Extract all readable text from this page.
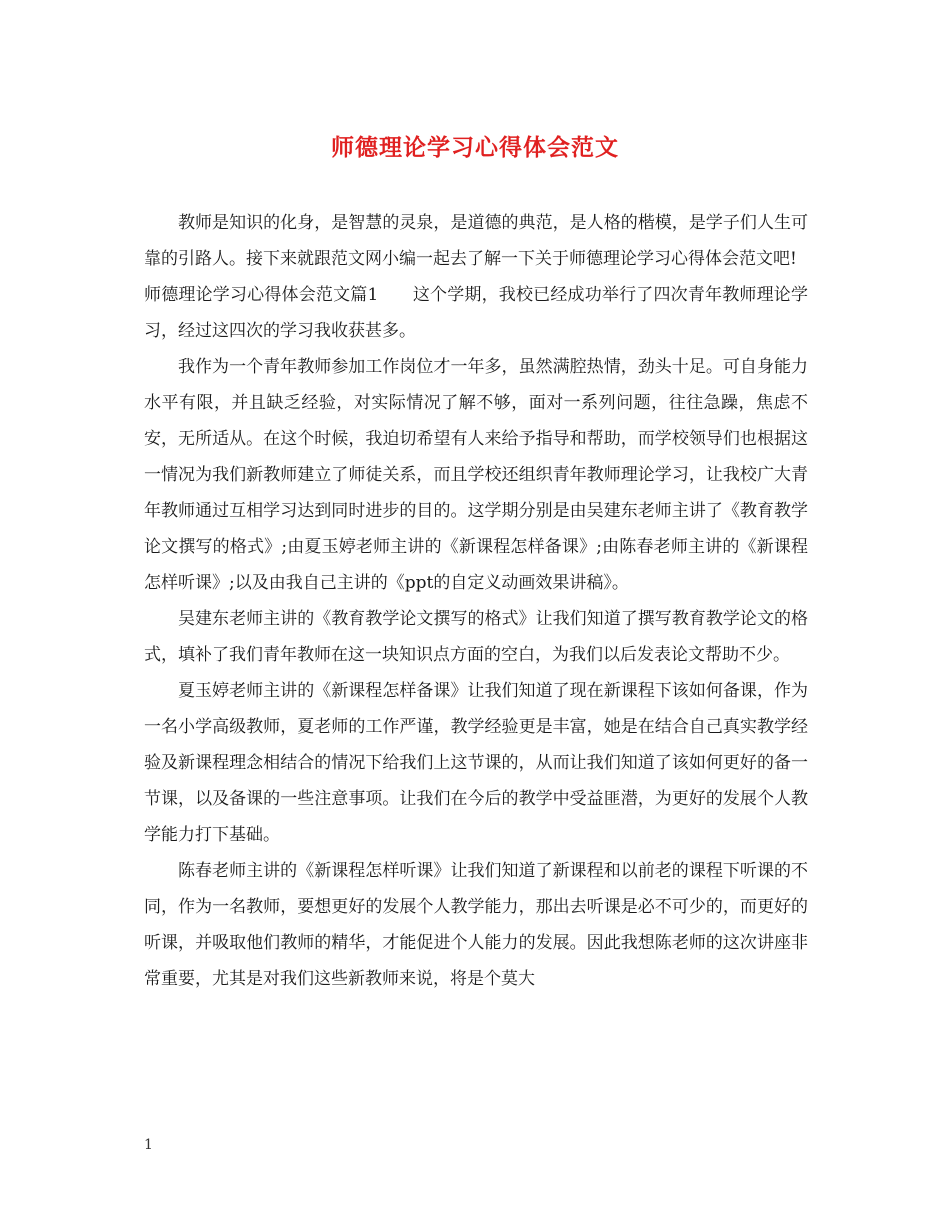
师德理论学习心得体会范文

教师是知识的化身，是智慧的灵泉，是道德的典范，是人格的楷模，是学子们人生可靠的引路人。接下来就跟范文网小编一起去了解一下关于师德理论学习心得体会范文吧!

师德理论学习心得体会范文篇1　　这个学期，我校已经成功举行了四次青年教师理论学习，经过这四次的学习我收获甚多。

我作为一个青年教师参加工作岗位才一年多，虽然满腔热情，劲头十足。可自身能力水平有限，并且缺乏经验，对实际情况了解不够，面对一系列问题，往往急躁，焦虑不安，无所适从。在这个时候，我迫切希望有人来给予指导和帮助，而学校领导们也根据这一情况为我们新教师建立了师徒关系，而且学校还组织青年教师理论学习，让我校广大青年教师通过互相学习达到同时进步的目的。这学期分别是由吴建东老师主讲了《教育教学论文撰写的格式》;由夏玉婷老师主讲的《新课程怎样备课》;由陈春老师主讲的《新课程怎样听课》;以及由我自己主讲的《ppt的自定义动画效果讲稿》。

吴建东老师主讲的《教育教学论文撰写的格式》让我们知道了撰写教育教学论文的格式，填补了我们青年教师在这一块知识点方面的空白，为我们以后发表论文帮助不少。

夏玉婷老师主讲的《新课程怎样备课》让我们知道了现在新课程下该如何备课，作为一名小学高级教师，夏老师的工作严谨，教学经验更是丰富，她是在结合自己真实教学经验及新课程理念相结合的情况下给我们上这节课的，从而让我们知道了该如何更好的备一节课，以及备课的一些注意事项。让我们在今后的教学中受益匪潜，为更好的发展个人教学能力打下基础。

陈春老师主讲的《新课程怎样听课》让我们知道了新课程和以前老的课程下听课的不同，作为一名教师，要想更好的发展个人教学能力，那出去听课是必不可少的，而更好的听课，并吸取他们教师的精华，才能促进个人能力的发展。因此我想陈老师的这次讲座非常重要，尤其是对我们这些新教师来说，将是个莫大

1
